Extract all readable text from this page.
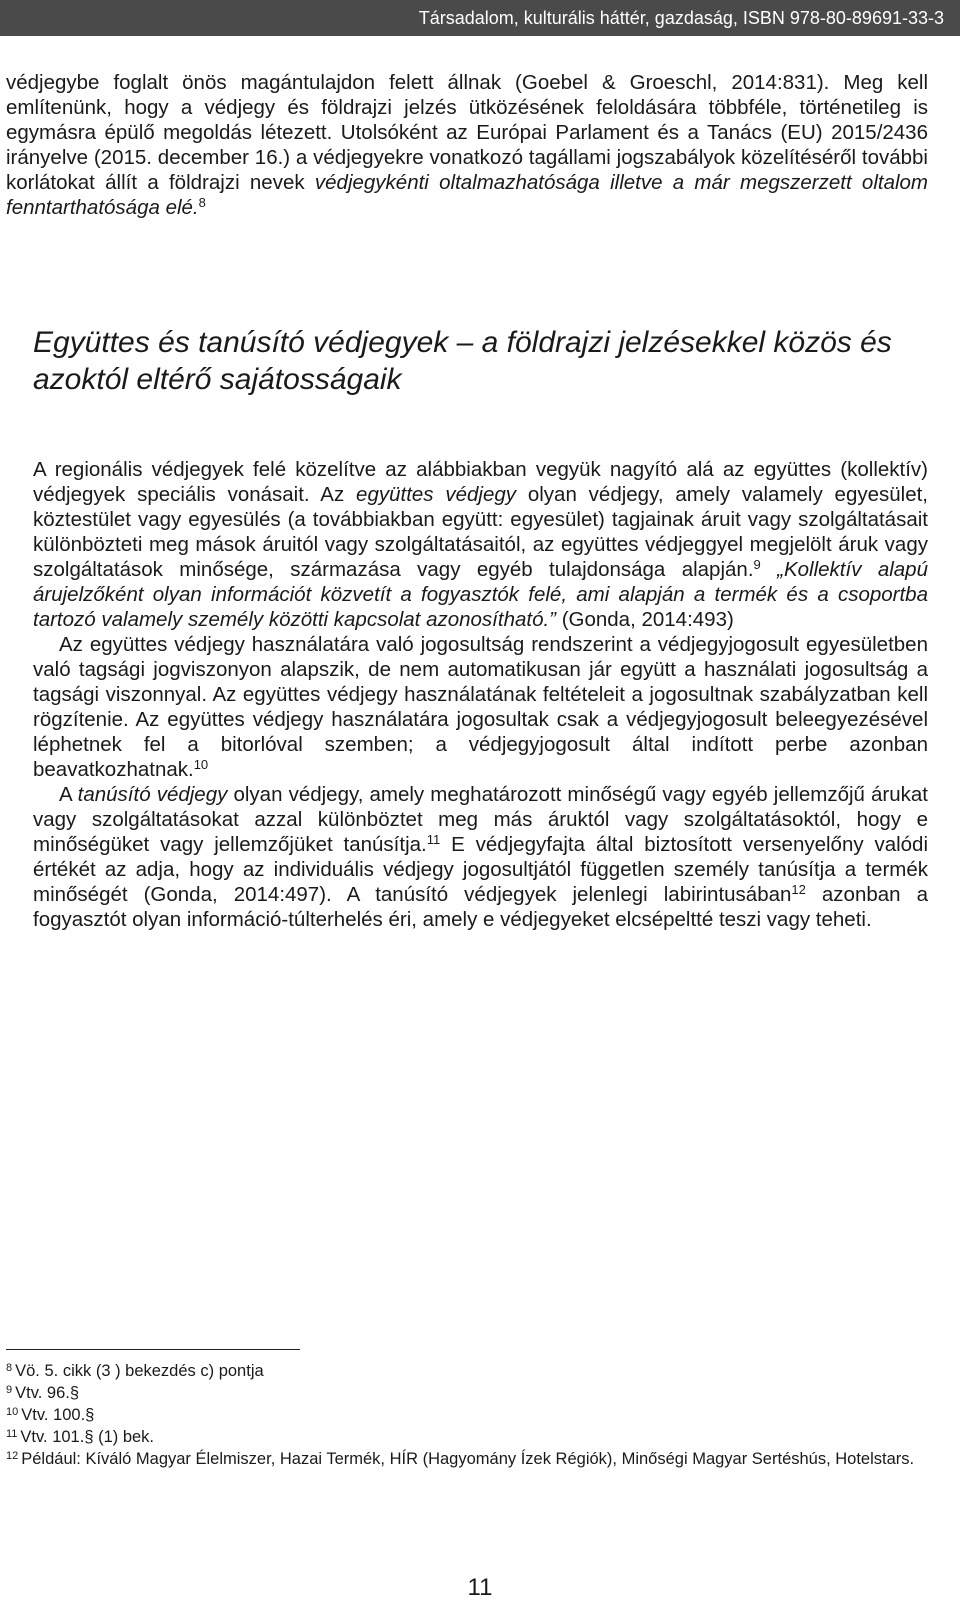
Társadalom, kulturális háttér, gazdaság, ISBN 978-80-89691-33-3

védjegybe foglalt önös magántulajdon felett állnak (Goebel & Groeschl, 2014:831). Meg kell említenünk, hogy a védjegy és földrajzi jelzés ütközésének feloldására többféle, történetileg is egymásra épülő megoldás létezett. Utolsóként az Európai Parlament és a Tanács (EU) 2015/2436 irányelve (2015. december 16.) a védjegyekre vonatkozó tagállami jogszabályok közelítéséről további korlátokat állít a földrajzi nevek védjegykénti oltalmazhatósága illetve a már megszerzett oltalom fenntarthatósága elé.$^8$

Együttes és tanúsító védjegyek – a földrajzi jelzésekkel közös és azoktól eltérő sajátosságaik

A regionális védjegyek felé közelítve az alábbiakban vegyük nagyító alá az együttes (kollektív) védjegyek speciális vonásait. Az együttes védjegy olyan védjegy, amely valamely egyesület, köztestület vagy egyesülés (a továbbiakban együtt: egyesület) tagjainak áruit vagy szolgáltatásait különbözteti meg mások áruitól vagy szolgáltatásaitól, az együttes védjeggyel megjelölt áruk vagy szolgáltatások minősége, származása vagy egyéb tulajdonsága alapján.$^9$ „Kollektív alapú árujelzőként olyan információt közvetít a fogyasztók felé, ami alapján a termék és a csoportba tartozó valamely személy közötti kapcsolat azonosítható.” (Gonda, 2014:493)

Az együttes védjegy használatára való jogosultság rendszerint a védjegyjogosult egyesületben való tagsági jogviszonyon alapszik, de nem automatikusan jár együtt a használati jogosultság a tagsági viszonnyal. Az együttes védjegy használatának feltételeit a jogosultnak szabályzatban kell rögzítenie. Az együttes védjegy használatára jogosultak csak a védjegyjogosult beleegyezésével léphetnek fel a bitorlóval szemben; a védjegyjogosult által indított perbe azonban beavatkozhatnak.$^{10}$

A tanúsító védjegy olyan védjegy, amely meghatározott minőségű vagy egyéb jellemzőjű árukat vagy szolgáltatásokat azzal különböztet meg más áruktól vagy szolgáltatásoktól, hogy e minőségüket vagy jellemzőjüket tanúsítja.$^{11}$ E védjegyfajta által biztosított versenyelőny valódi értékét az adja, hogy az individuális védjegy jogosultjától független személy tanúsítja a termék minőségét (Gonda, 2014:497). A tanúsító védjegyek jelenlegi labirintusában$^{12}$ azonban a fogyasztót olyan információ-túlterhelés éri, amely e védjegyeket elcsépeltté teszi vagy teheti.

$^8$ Vö. 5. cikk (3 ) bekezdés c) pontja

$^9$ Vtv. 96.§

$^{10}$ Vtv. 100.§

$^{11}$ Vtv. 101.§ (1) bek.

$^{12}$ Például: Kíváló Magyar Élelmiszer, Hazai Termék, HÍR (Hagyomány Ízek Régiók), Minőségi Magyar Sertéshús, Hotelstars.

11
